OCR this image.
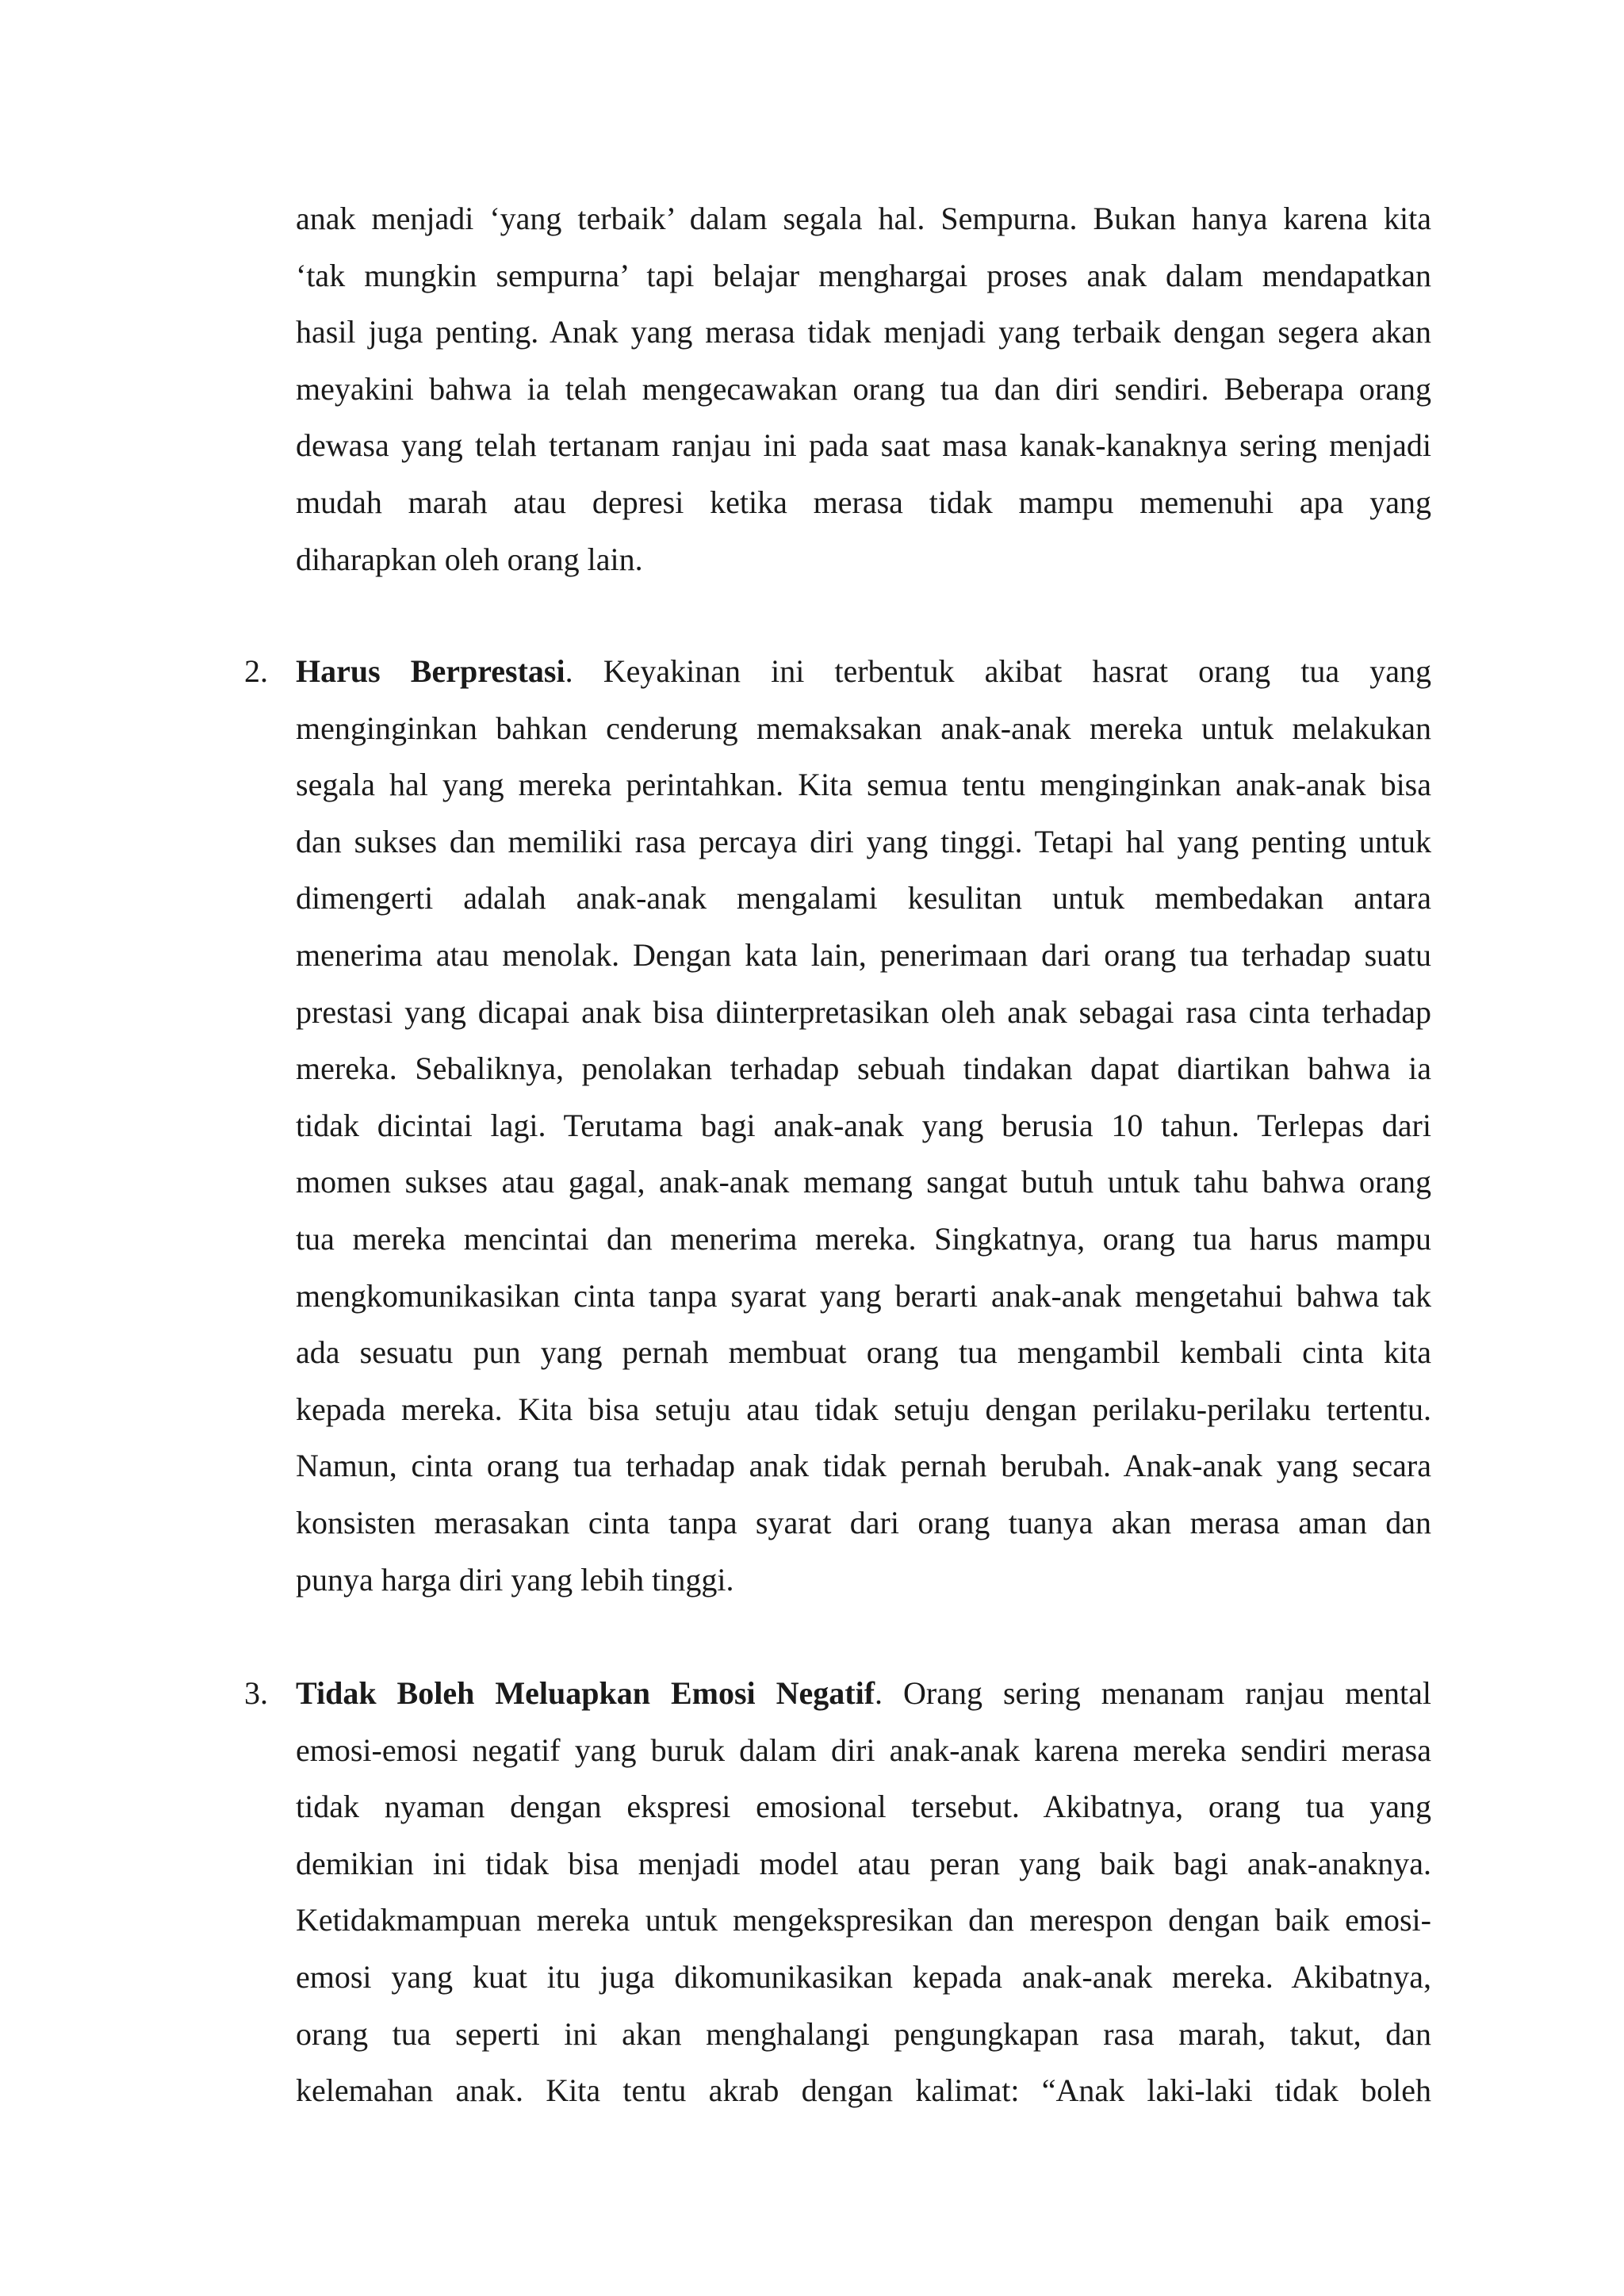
anak menjadi ‘yang terbaik’ dalam segala hal. Sempurna. Bukan hanya karena kita
‘tak mungkin sempurna’ tapi belajar menghargai proses anak dalam mendapatkan
hasil juga penting. Anak yang merasa tidak menjadi yang terbaik dengan segera akan
meyakini bahwa ia telah mengecawakan orang tua dan diri sendiri. Beberapa orang
dewasa yang telah tertanam ranjau ini pada saat masa kanak-kanaknya sering menjadi
mudah marah atau depresi ketika merasa tidak mampu memenuhi apa yang
diharapkan oleh orang lain.
2. Harus Berprestasi. Keyakinan ini terbentuk akibat hasrat orang tua yang
menginginkan bahkan cenderung memaksakan anak-anak mereka untuk melakukan
segala hal yang mereka perintahkan. Kita semua tentu menginginkan anak-anak bisa
dan sukses dan memiliki rasa percaya diri yang tinggi. Tetapi hal yang penting untuk
dimengerti adalah anak-anak mengalami kesulitan untuk membedakan antara
menerima atau menolak. Dengan kata lain, penerimaan dari orang tua terhadap suatu
prestasi yang dicapai anak bisa diinterpretasikan oleh anak sebagai rasa cinta terhadap
mereka. Sebaliknya, penolakan terhadap sebuah tindakan dapat diartikan bahwa ia
tidak dicintai lagi. Terutama bagi anak-anak yang berusia 10 tahun. Terlepas dari
momen sukses atau gagal, anak-anak memang sangat butuh untuk tahu bahwa orang
tua mereka mencintai dan menerima mereka. Singkatnya, orang tua harus mampu
mengkomunikasikan cinta tanpa syarat yang berarti anak-anak mengetahui bahwa tak
ada sesuatu pun yang pernah membuat orang tua mengambil kembali cinta kita
kepada mereka. Kita bisa setuju atau tidak setuju dengan perilaku-perilaku tertentu.
Namun, cinta orang tua terhadap anak tidak pernah berubah. Anak-anak yang secara
konsisten merasakan cinta tanpa syarat dari orang tuanya akan merasa aman dan
punya harga diri yang lebih tinggi.
3. Tidak Boleh Meluapkan Emosi Negatif. Orang sering menanam ranjau mental
emosi-emosi negatif yang buruk dalam diri anak-anak karena mereka sendiri merasa
tidak nyaman dengan ekspresi emosional tersebut. Akibatnya, orang tua yang
demikian ini tidak bisa menjadi model atau peran yang baik bagi anak-anaknya.
Ketidakmampuan mereka untuk mengekspresikan dan merespon dengan baik emosi-
emosi yang kuat itu juga dikomunikasikan kepada anak-anak mereka. Akibatnya,
orang tua seperti ini akan menghalangi pengungkapan rasa marah, takut, dan
kelemahan anak. Kita tentu akrab dengan kalimat: “Anak laki-laki tidak boleh
